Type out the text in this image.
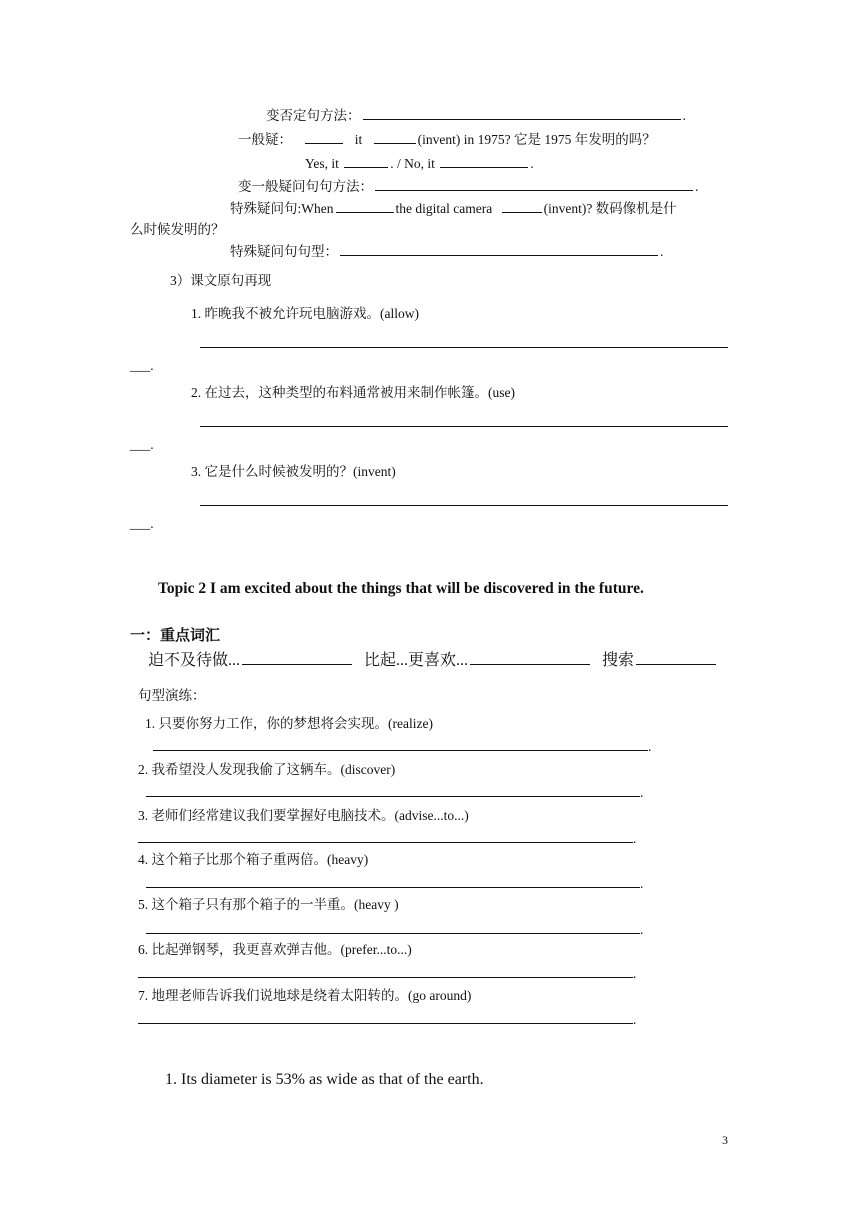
变否定句方法：	.
一般疑：	it	(invent) in 1975? 它是 1975 年发明的吗？
Yes, it	. / No, it	.
变一般疑问句句方法：	.
特殊疑问句:When	the digital camera	(invent)? 数码像机是什
么时候发明的？
特殊疑问句句型：	.
3）课文原句再现
1. 昨晚我不被允许玩电脑游戏。(allow)
___.
2. 在过去，这种类型的布料通常被用来制作帐篷。(use)
___.
3. 它是什么时候被发明的？(invent)
___.
Topic 2 I am excited about the things that will be discovered in the future.
一：重点词汇
迫不及待做...	比起...更喜欢...	搜索
句型演练：
1. 只要你努力工作，你的梦想将会实现。(realize)
.
2. 我希望没人发现我偷了这辆车。(discover)
.
3. 老师们经常建议我们要掌握好电脑技术。(advise...to...)
.
4. 这个箱子比那个箱子重两倍。(heavy)
.
5. 这个箱子只有那个箱子的一半重。(heavy )
.
6. 比起弹钢琴，我更喜欢弹吉他。(prefer...to...)
.
7. 地理老师告诉我们说地球是绕着太阳转的。(go around)
.
1. Its diameter is 53% as wide as that of the earth.
3
